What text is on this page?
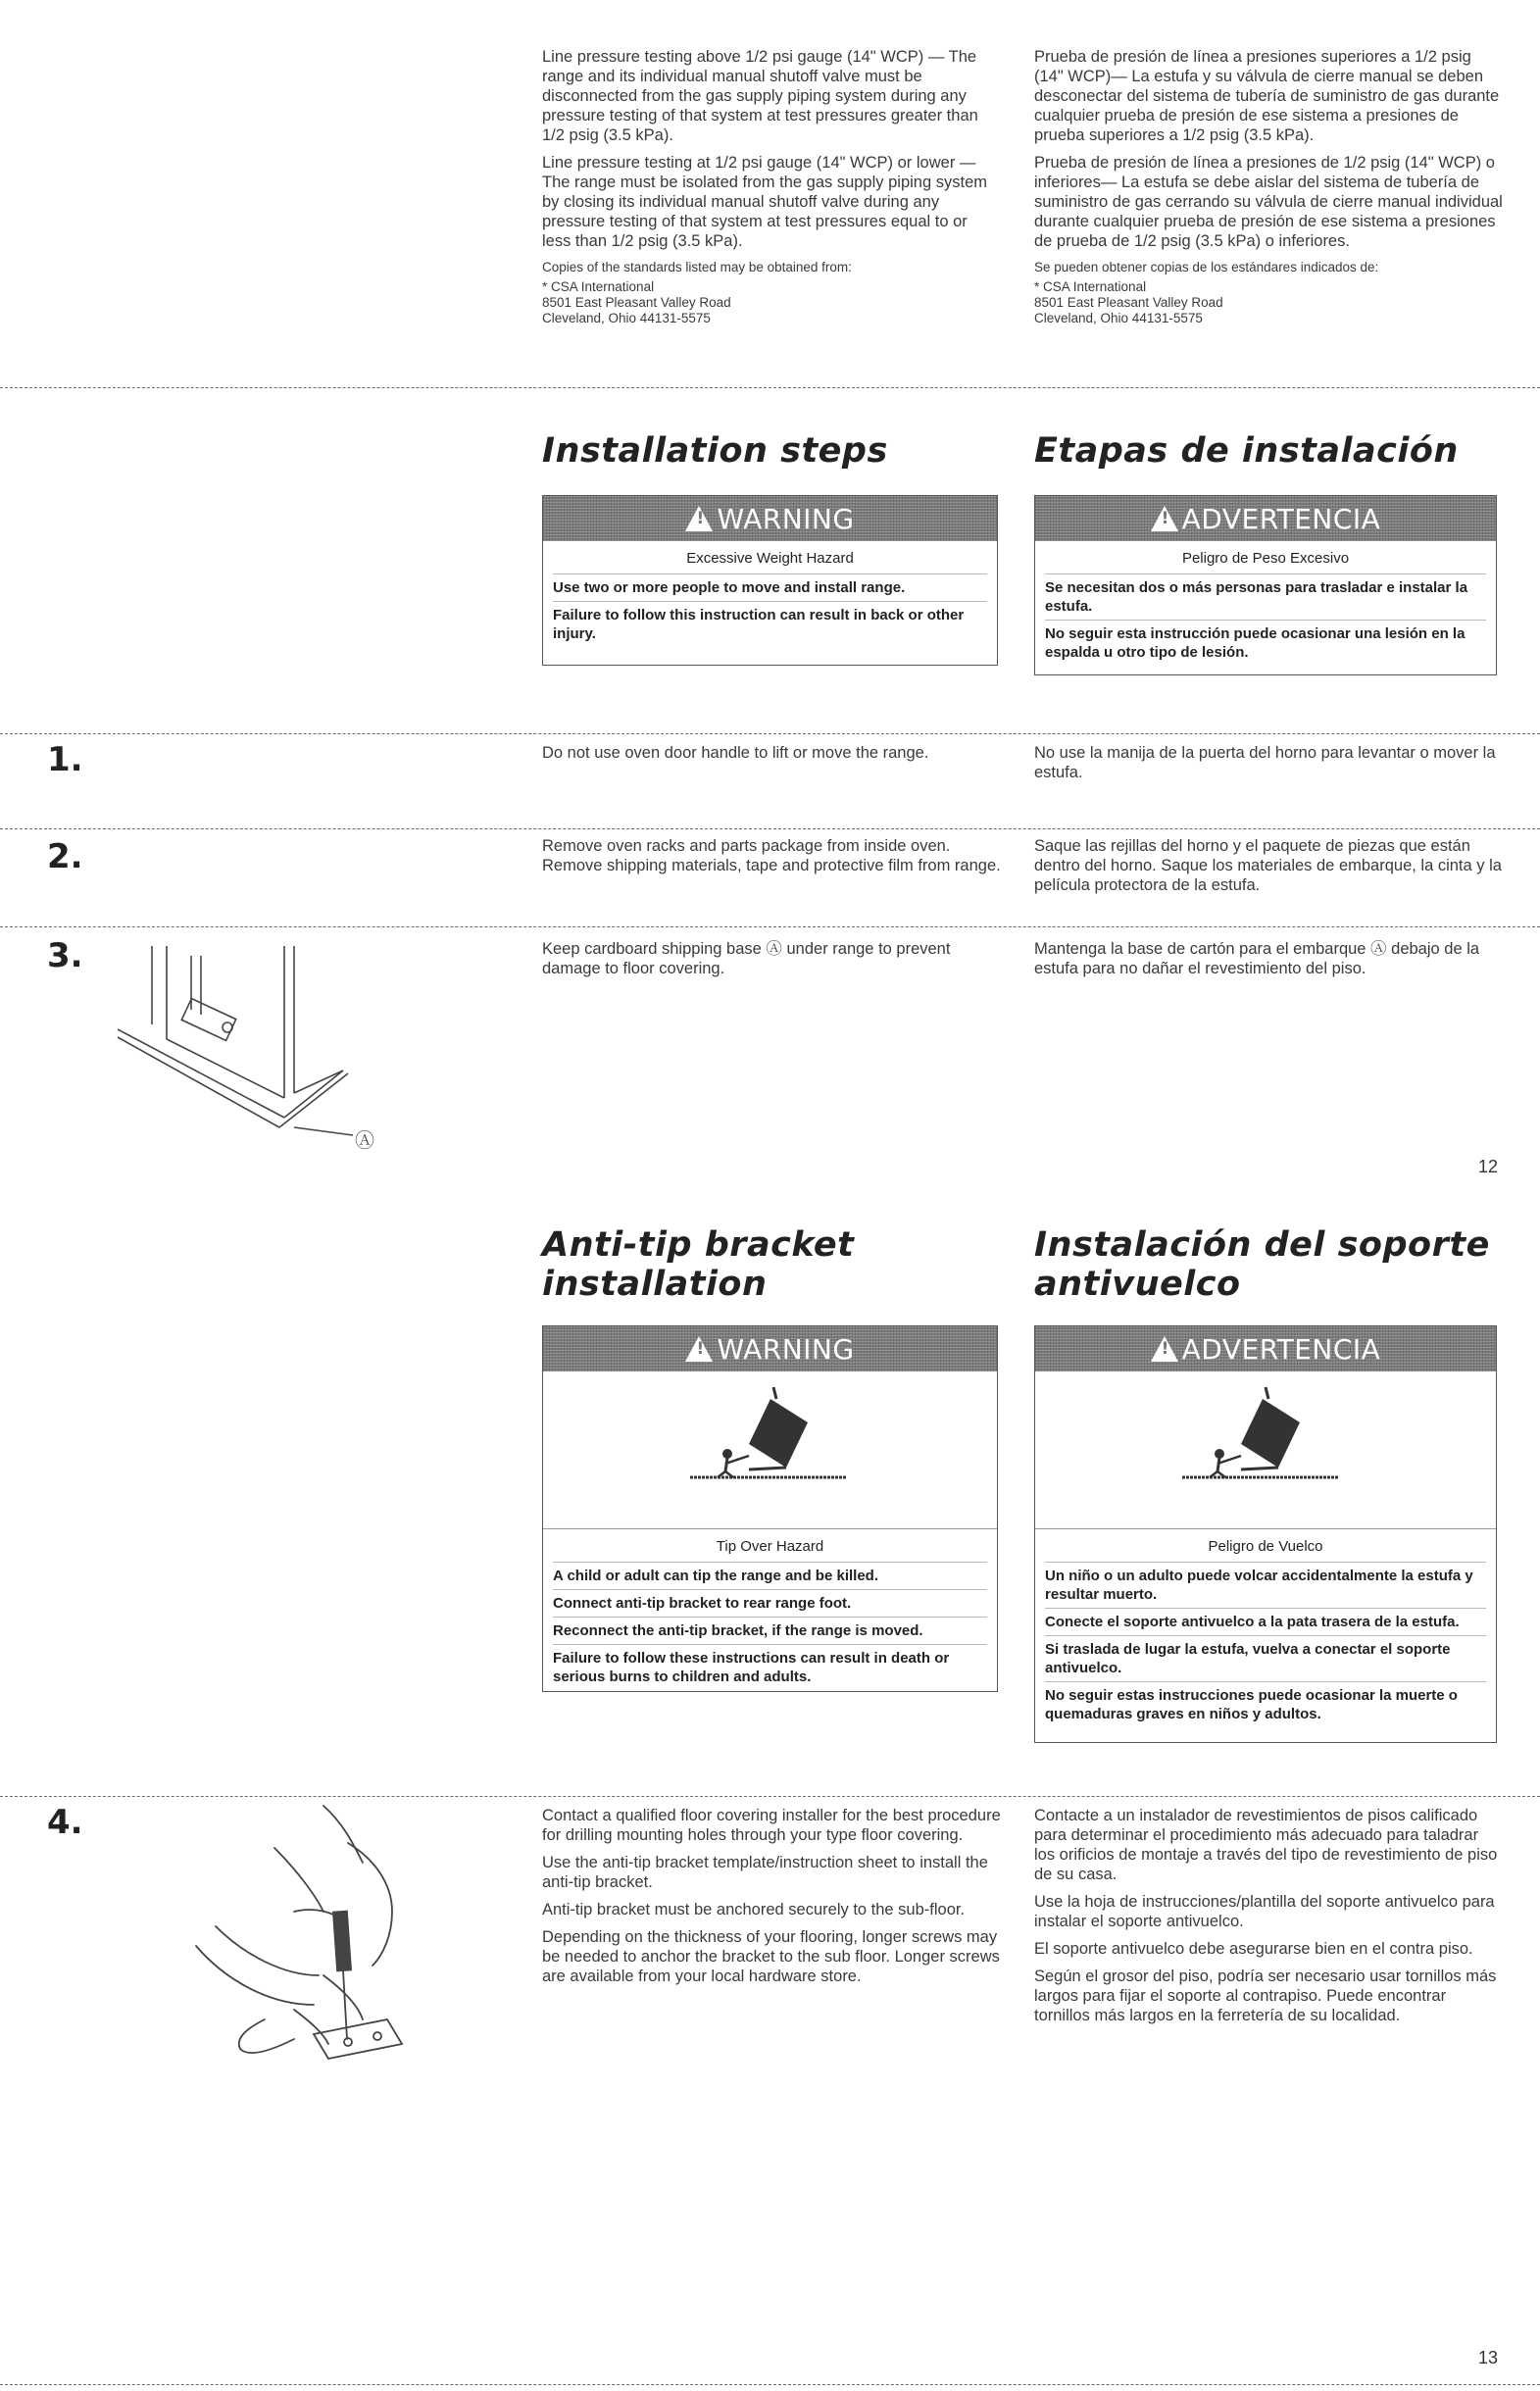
Line pressure testing above 1/2 psi gauge (14" WCP) — The range and its individual manual shutoff valve must be disconnected from the gas supply piping system during any pressure testing of that system at test pressures greater than 1/2 psig (3.5 kPa).

Line pressure testing at 1/2 psi gauge (14" WCP) or lower — The range must be isolated from the gas supply piping system by closing its individual manual shutoff valve during any pressure testing of that system at test pressures equal to or less than 1/2 psig (3.5 kPa).

Copies of the standards listed may be obtained from:

* CSA International
8501 East Pleasant Valley Road
Cleveland, Ohio 44131-5575

Prueba de presión de línea a presiones superiores a 1/2 psig (14" WCP)— La estufa y su válvula de cierre manual se deben desconectar del sistema de tubería de suministro de gas durante cualquier prueba de presión de ese sistema a presiones de prueba superiores a 1/2 psig (3.5 kPa).

Prueba de presión de línea a presiones de 1/2 psig (14" WCP) o inferiores— La estufa se debe aislar del sistema de tubería de suministro de gas cerrando su válvula de cierre manual individual durante cualquier prueba de presión de ese sistema a presiones de prueba de 1/2 psig (3.5 kPa) o inferiores.

Se pueden obtener copias de los estándares indicados de:

* CSA International
8501 East Pleasant Valley Road
Cleveland, Ohio 44131-5575
Installation steps	Etapas de instalación
! WARNING
Excessive Weight Hazard
Use two or more people to move and install range.
Failure to follow this instruction can result in back or other injury.
! ADVERTENCIA
Peligro de Peso Excesivo
Se necesitan dos o más personas para trasladar e instalar la estufa.
No seguir esta instrucción puede ocasionar una lesión en la espalda u otro tipo de lesión.
1.	Do not use oven door handle to lift or move the range.	No use la manija de la puerta del horno para levantar o mover la estufa.
2.	Remove oven racks and parts package from inside oven. Remove shipping materials, tape and protective film from range.
Saque las rejillas del horno y el paquete de piezas que están dentro del horno. Saque los materiales de embarque, la cinta y la película protectora de la estufa.
3.	Keep cardboard shipping base Ⓐ under range to prevent damage to floor covering.
Mantenga la base de cartón para el embarque Ⓐ debajo de la estufa para no dañar el revestimiento del piso.
Ⓐ
12
Anti-tip bracket
installation
Instalación del soporte
antivuelco
! WARNING
Tip Over Hazard
A child or adult can tip the range and be killed.
Connect anti-tip bracket to rear range foot.
Reconnect the anti-tip bracket, if the range is moved.
Failure to follow these instructions can result in death or serious burns to children and adults.
! ADVERTENCIA
Peligro de Vuelco
Un niño o un adulto puede volcar accidentalmente la estufa y resultar muerto.
Conecte el soporte antivuelco a la pata trasera de la estufa.
Si traslada de lugar la estufa, vuelva a conectar el soporte antivuelco.
No seguir estas instrucciones puede ocasionar la muerte o quemaduras graves en niños y adultos.
4.	Contact a qualified floor covering installer for the best procedure for drilling mounting holes through your type floor covering.

Use the anti-tip bracket template/instruction sheet to install the anti-tip bracket.

Anti-tip bracket must be anchored securely to the sub-floor.

Depending on the thickness of your flooring, longer screws may be needed to anchor the bracket to the sub floor. Longer screws are available from your local hardware store.

Contacte a un instalador de revestimientos de pisos calificado para determinar el procedimiento más adecuado para taladrar los orificios de montaje a través del tipo de revestimiento de piso de su casa.

Use la hoja de instrucciones/plantilla del soporte antivuelco para instalar el soporte antivuelco.

El soporte antivuelco debe asegurarse bien en el contra piso.

Según el grosor del piso, podría ser necesario usar tornillos más largos para fijar el soporte al contrapiso. Puede encontrar tornillos más largos en la ferretería de su localidad.

13
